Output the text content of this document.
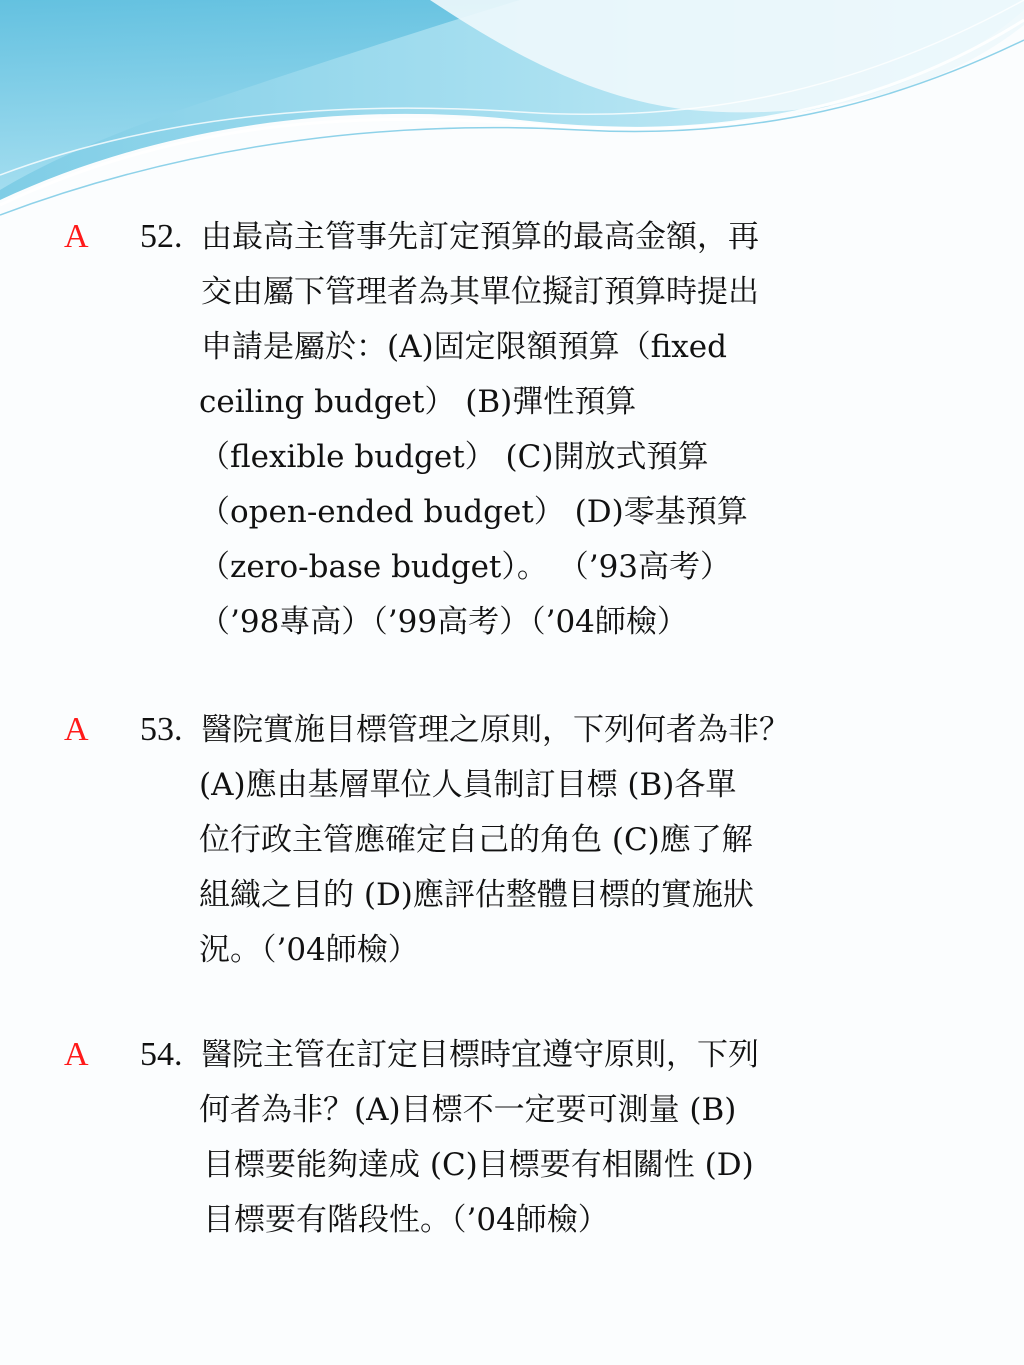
A 52. 由最高主管事先訂定預算的最高金額，再
交由屬下管理者為其單位擬訂預算時提出
申請是屬於：(A)固定限額預算（fixed
ceiling budget） (B)彈性預算
（flexible budget） (C)開放式預算
（open-ended budget） (D)零基預算
（zero-base budget）。 （’93高考）
（’98專高）（’99高考）（’04師檢）
A 53. 醫院實施目標管理之原則，下列何者為非？
(A)應由基層單位人員制訂目標 (B)各單
位行政主管應確定自己的角色 (C)應了解
組織之目的 (D)應評估整體目標的實施狀
況。（’04師檢）
A 54. 醫院主管在訂定目標時宜遵守原則，下列
何者為非？(A)目標不一定要可測量 (B)
目標要能夠達成 (C)目標要有相關性 (D)
目標要有階段性。（’04師檢）
